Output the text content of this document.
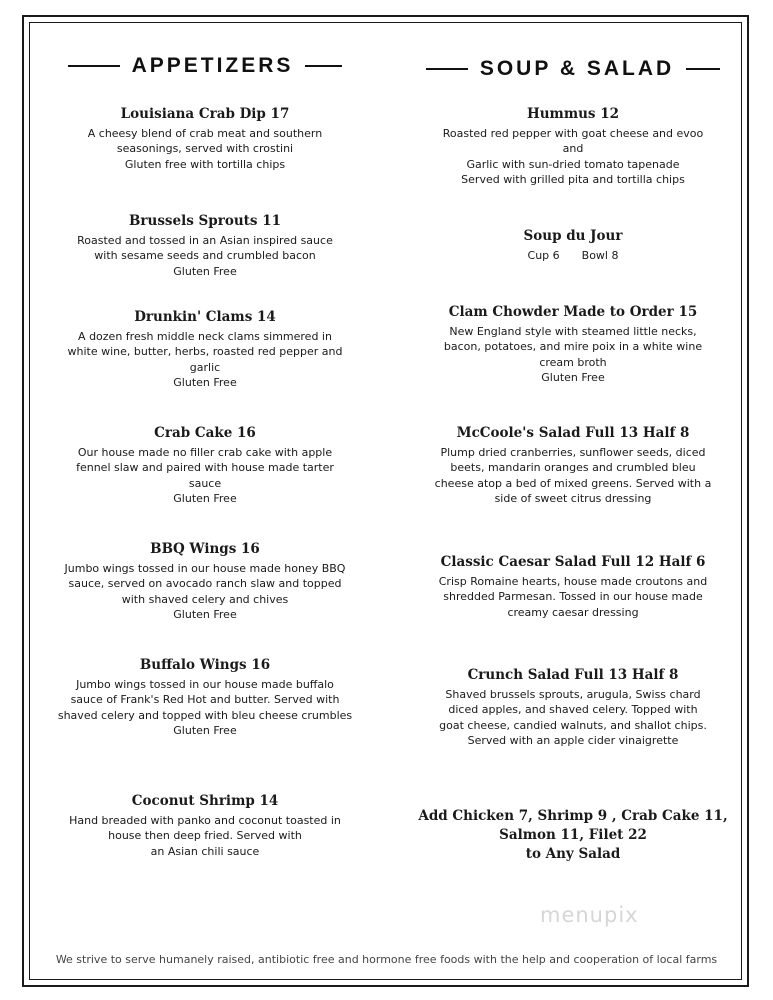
APPETIZERS
Louisiana Crab Dip 17
A cheesy blend of crab meat and southern
seasonings, served with crostini
Gluten free with tortilla chips
Brussels Sprouts 11
Roasted and tossed in an Asian inspired sauce
with sesame seeds and crumbled bacon
Gluten Free
Drunkin' Clams 14
A dozen fresh middle neck clams simmered in
white wine, butter, herbs, roasted red pepper and
garlic
Gluten Free
Crab Cake 16
Our house made no filler crab cake with apple
fennel slaw and paired with house made tarter
sauce
Gluten Free
BBQ Wings 16
Jumbo wings tossed in our house made honey BBQ
sauce, served on avocado ranch slaw and topped
with shaved celery and chives
Gluten Free
Buffalo Wings 16
Jumbo wings tossed in our house made buffalo
sauce of Frank's Red Hot and butter. Served with
shaved celery and topped with bleu cheese crumbles
Gluten Free
Coconut Shrimp 14
Hand breaded with panko and coconut toasted in
house then deep fried. Served with
an Asian chili sauce
SOUP & SALAD
Hummus 12
Roasted red pepper with goat cheese and evoo
and
Garlic with sun-dried tomato tapenade
Served with grilled pita and tortilla chips
Soup du Jour
Cup 6 Bowl 8
Clam Chowder Made to Order 15
New England style with steamed little necks,
bacon, potatoes, and mire poix in a white wine
cream broth
Gluten Free
McCoole's Salad Full 13 Half 8
Plump dried cranberries, sunflower seeds, diced
beets, mandarin oranges and crumbled bleu
cheese atop a bed of mixed greens. Served with a
side of sweet citrus dressing
Classic Caesar Salad Full 12 Half 6
Crisp Romaine hearts, house made croutons and
shredded Parmesan. Tossed in our house made
creamy caesar dressing
Crunch Salad Full 13 Half 8
Shaved brussels sprouts, arugula, Swiss chard
diced apples, and shaved celery. Topped with
goat cheese, candied walnuts, and shallot chips.
Served with an apple cider vinaigrette
Add Chicken 7, Shrimp 9 , Crab Cake 11,
Salmon 11, Filet 22
to Any Salad
menupix
We strive to serve humanely raised, antibiotic free and hormone free foods with the help and cooperation of local farms
